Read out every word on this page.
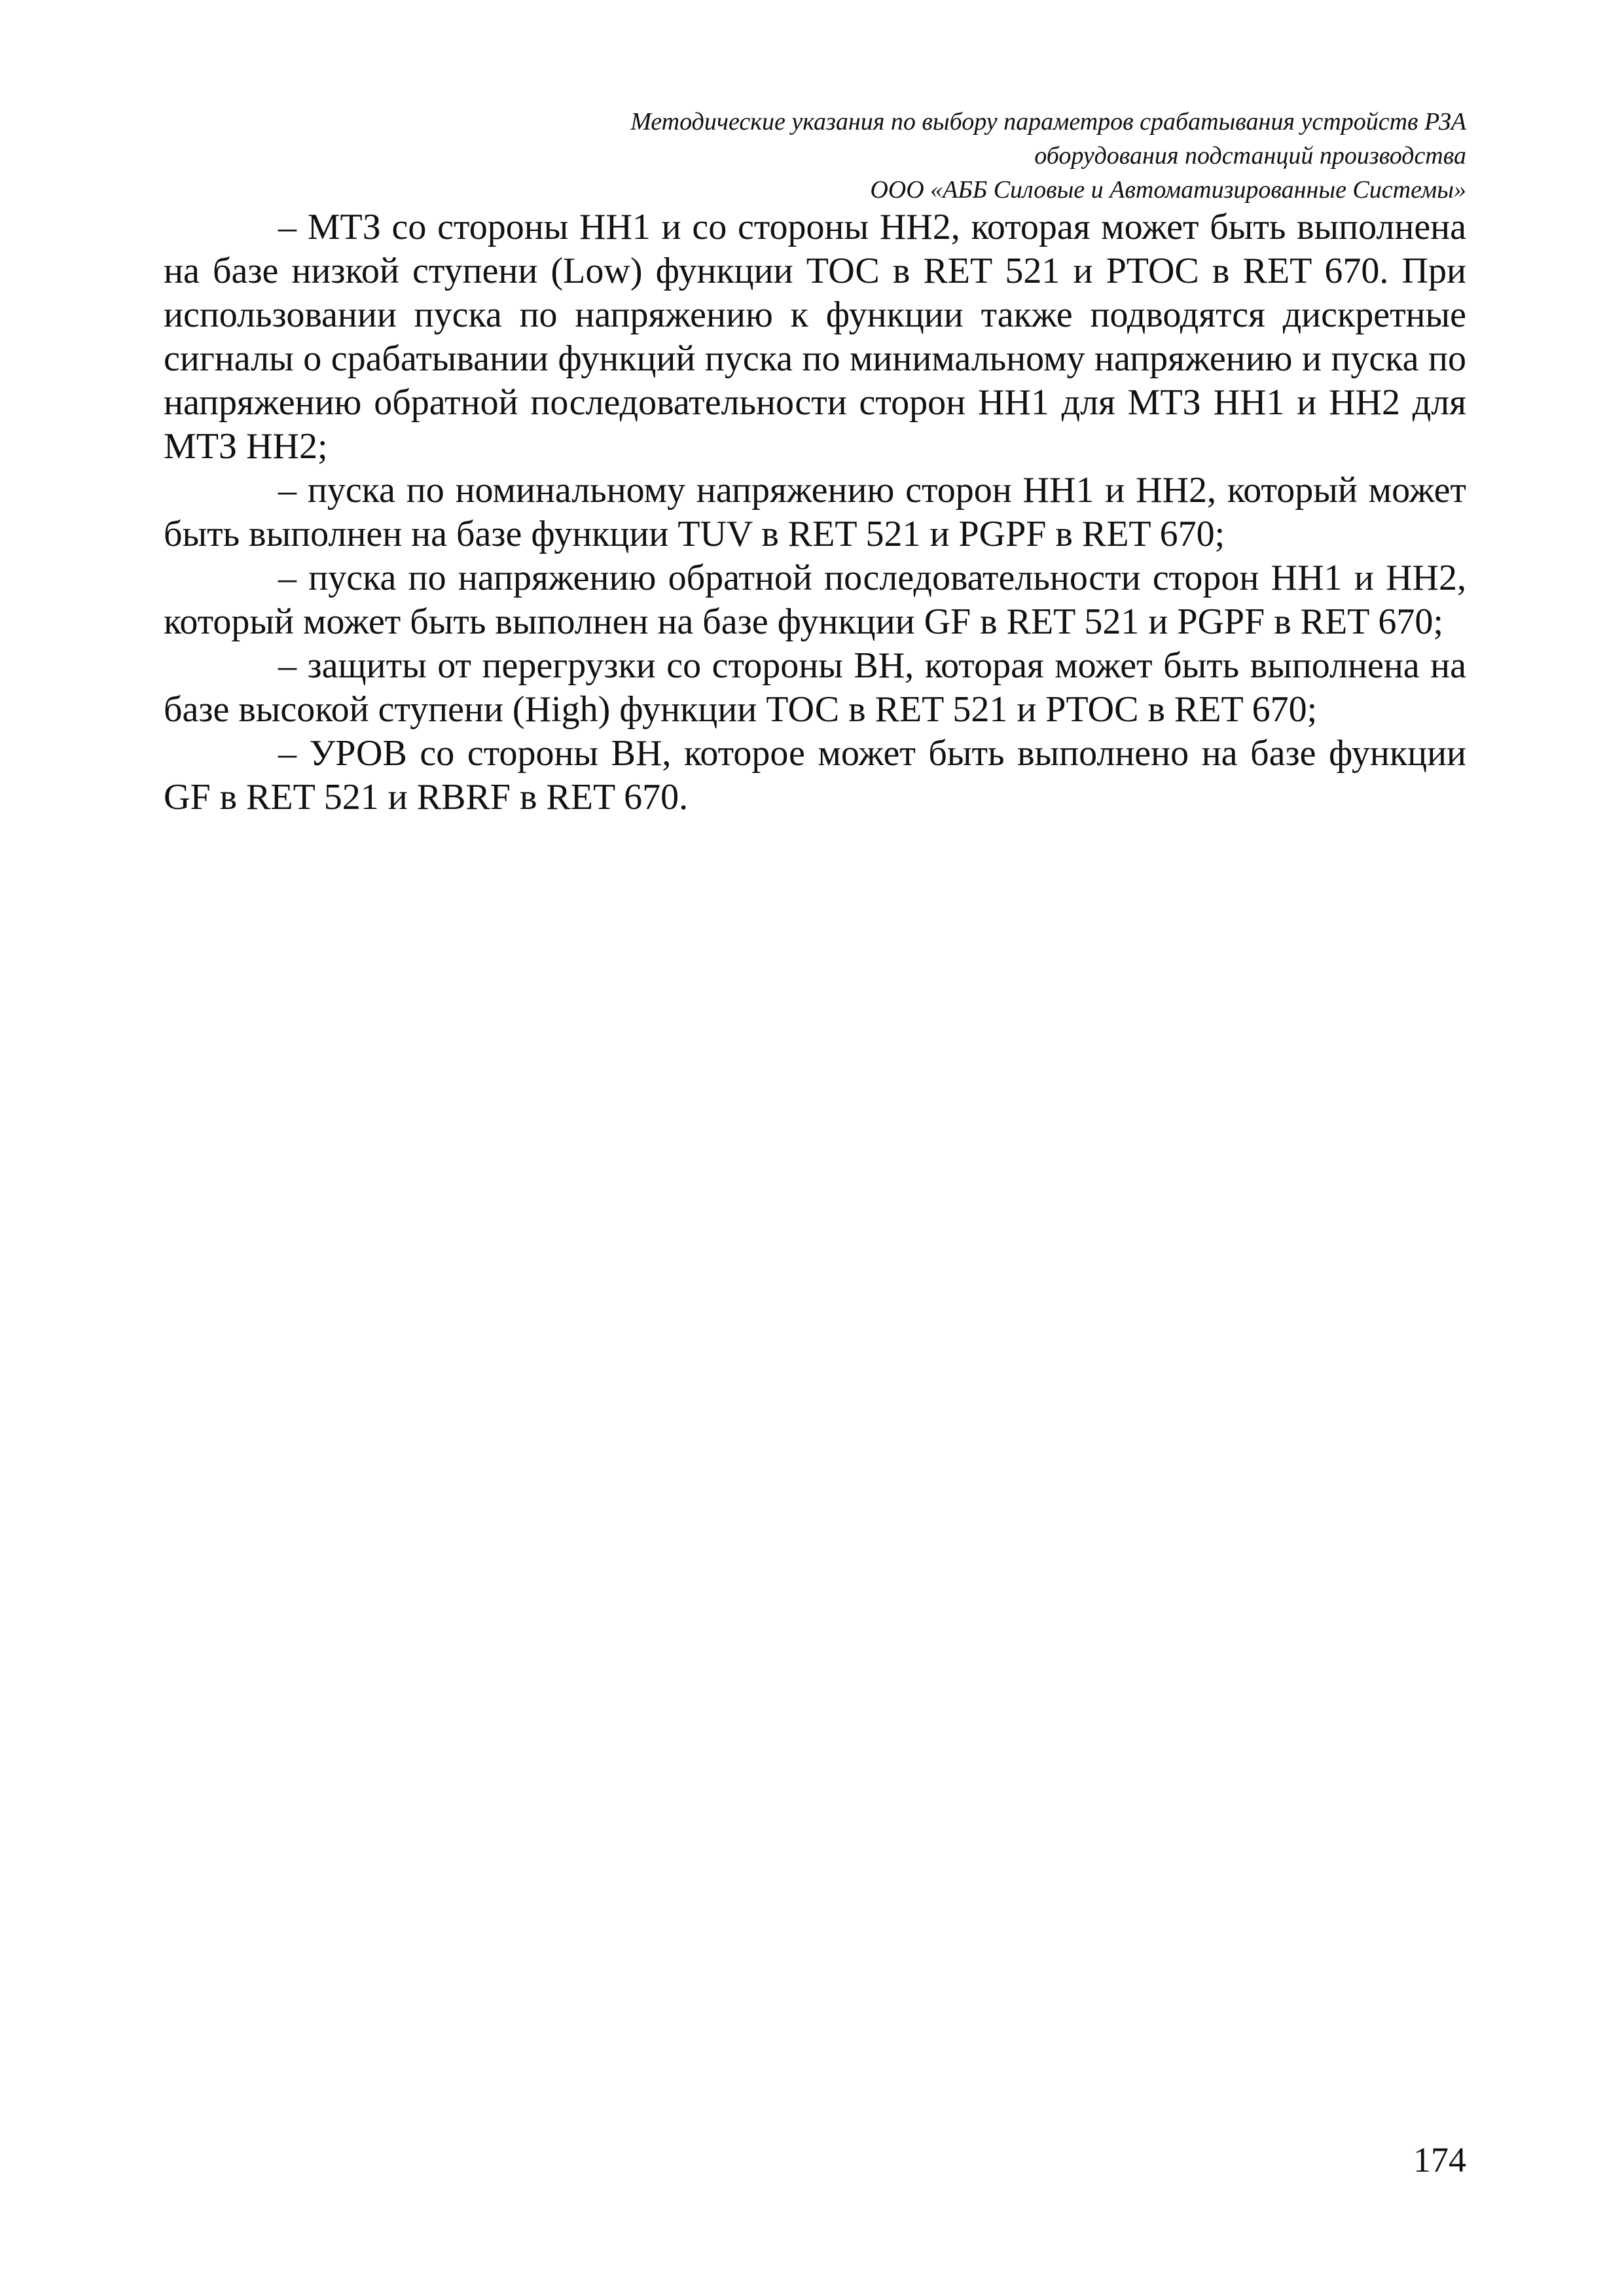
Методические указания по выбору параметров срабатывания устройств РЗА
оборудования подстанций производства
ООО «АББ Силовые и Автоматизированные Системы»

– МТЗ со стороны НН1 и со стороны НН2, которая может быть выполнена на базе низкой ступени (Low) функции ТОС в RET 521 и PTOC в RET 670. При использовании пуска по напряжению к функции также подводятся дискретные сигналы о срабатывании функций пуска по минимальному напряжению и пуска по напряжению обратной последовательности сторон НН1 для МТЗ НН1 и НН2 для МТЗ НН2;

– пуска по номинальному напряжению сторон НН1 и НН2, который может быть выполнен на базе функции TUV в RET 521 и PGPF в RET 670;

– пуска по напряжению обратной последовательности сторон НН1 и НН2, который может быть выполнен на базе функции GF в RET 521 и PGPF в RET 670;

– защиты от перегрузки со стороны ВН, которая может быть выполнена на базе высокой ступени (High) функции ТОС в RET 521 и PTOC в RET 670;

– УРОВ со стороны ВН, которое может быть выполнено на базе функции GF в RET 521 и RBRF в RET 670.

174
